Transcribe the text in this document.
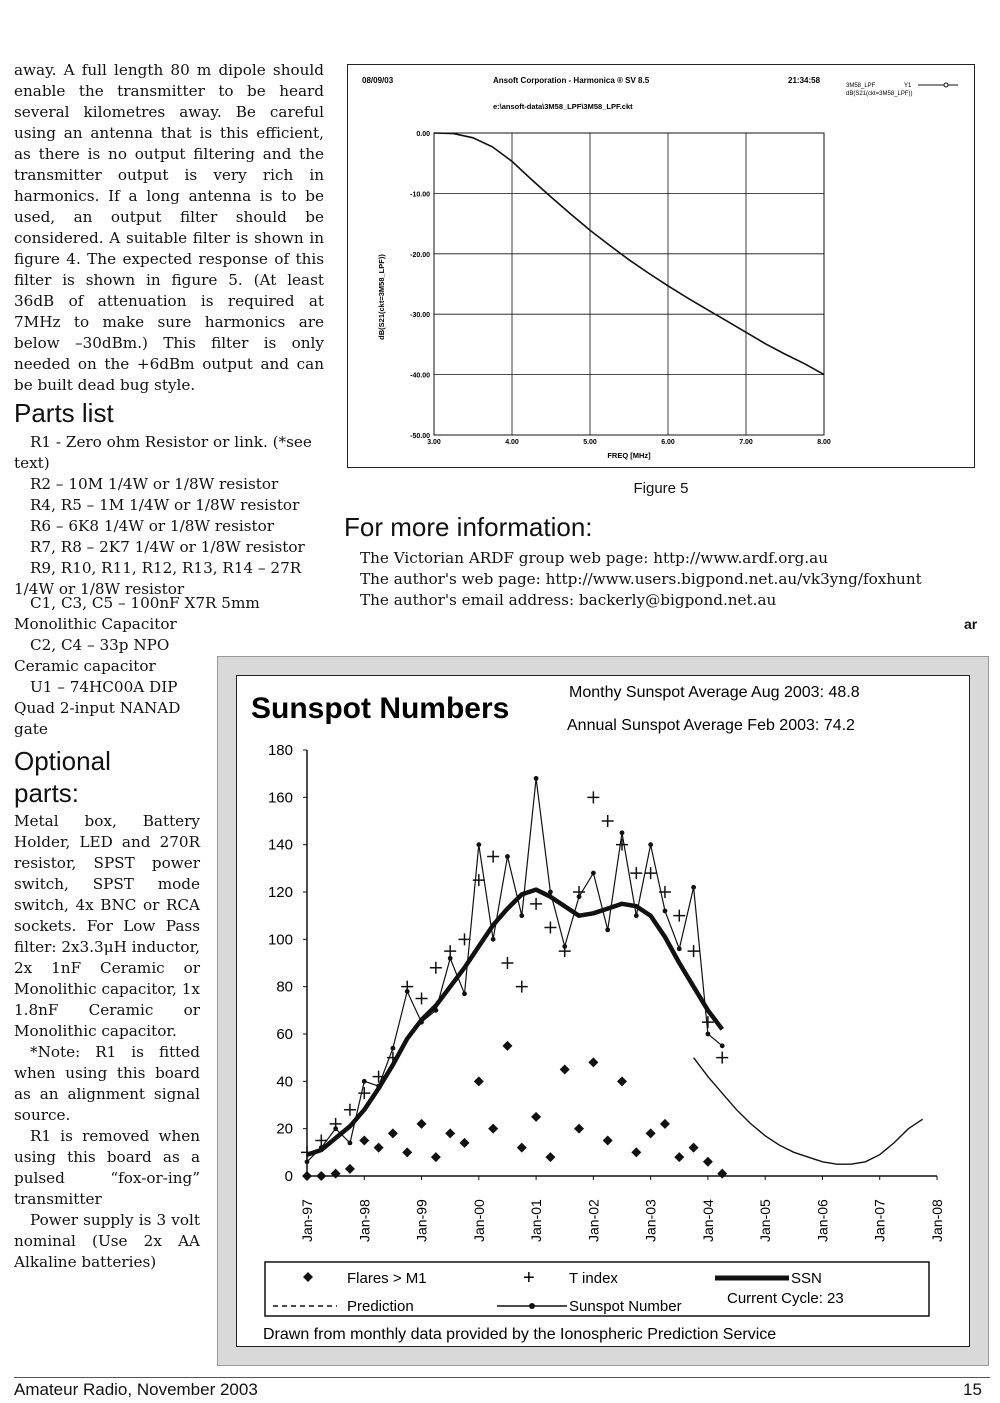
away. A full length 80 m dipole should enable the transmitter to be heard several kilometres away. Be careful using an antenna that is this efficient, as there is no output filtering and the transmitter output is very rich in harmonics. If a long antenna is to be used, an output filter should be considered. A suitable filter is shown in figure 4. The expected response of this filter is shown in figure 5. (At least 36dB of attenuation is required at 7MHz to make sure harmonics are below –30dBm.) This filter is only needed on the +6dBm output and can be built dead bug style.

Parts list
R1 - Zero ohm Resistor or link. (*see text)
R2 – 10M 1/4W or 1/8W resistor
R4, R5 – 1M 1/4W or 1/8W resistor
R6 – 6K8 1/4W or 1/8W resistor
R7, R8 – 2K7 1/4W or 1/8W resistor
R9, R10, R11, R12, R13, R14 – 27R 1/4W or 1/8W resistor
C1, C3, C5 – 100nF X7R 5mm Monolithic Capacitor
C2, C4 – 33p NPO Ceramic capacitor
U1 – 74HC00A DIP Quad 2-input NANAD gate
Optional
parts:

Metal box, Battery Holder, LED and 270R resistor, SPST power switch, SPST mode switch, 4x BNC or RCA sockets. For Low Pass filter: 2x3.3μH inductor, 2x 1nF Ceramic or Monolithic capacitor, 1x 1.8nF Ceramic or Monolithic capacitor.

*Note: R1 is fitted when using this board as an alignment signal source.

R1 is removed when using this board as a pulsed “fox-or-ing” transmitter

Power supply is 3 volt nominal (Use 2x AA Alkaline batteries)

08/09/03	Ansoft Corporation - Harmonica ® SV 8.5	21:34:58
e:\ansoft-data\3M58_LPF\3M58_LPF.ckt
3M58_LPF	Y1
dB(S21(ckt=3M58_LPF))
dB(S21(ckt=3M58_LPF))
FREQ [MHz]
3.00	4.00	5.00	6.00	7.00	8.00
0.00
-10.00
-20.00
-30.00
-40.00
-50.00
Figure 5
For more information:
The Victorian ARDF group web page: http://www.ardf.org.au
The author's web page: http://www.users.bigpond.net.au/vk3yng/foxhunt
The author's email address: backerly@bigpond.net.au
ar
Sunspot Numbers	Monthy Sunspot Average Aug 2003: 48.8
Annual Sunspot Average Feb 2003: 74.2
0
20
40
60
80
100
120
140
160
180
Jan-97	Jan-98	Jan-99	Jan-00	Jan-01	Jan-02	Jan-03	Jan-04	Jan-05	Jan-06	Jan-07	Jan-08
Flares > M1	+ T index	SSN
Prediction	Sunspot Number	Current Cycle: 23
Drawn from monthly data provided by the Ionospheric Prediction Service
Amateur Radio, November 2003	15
